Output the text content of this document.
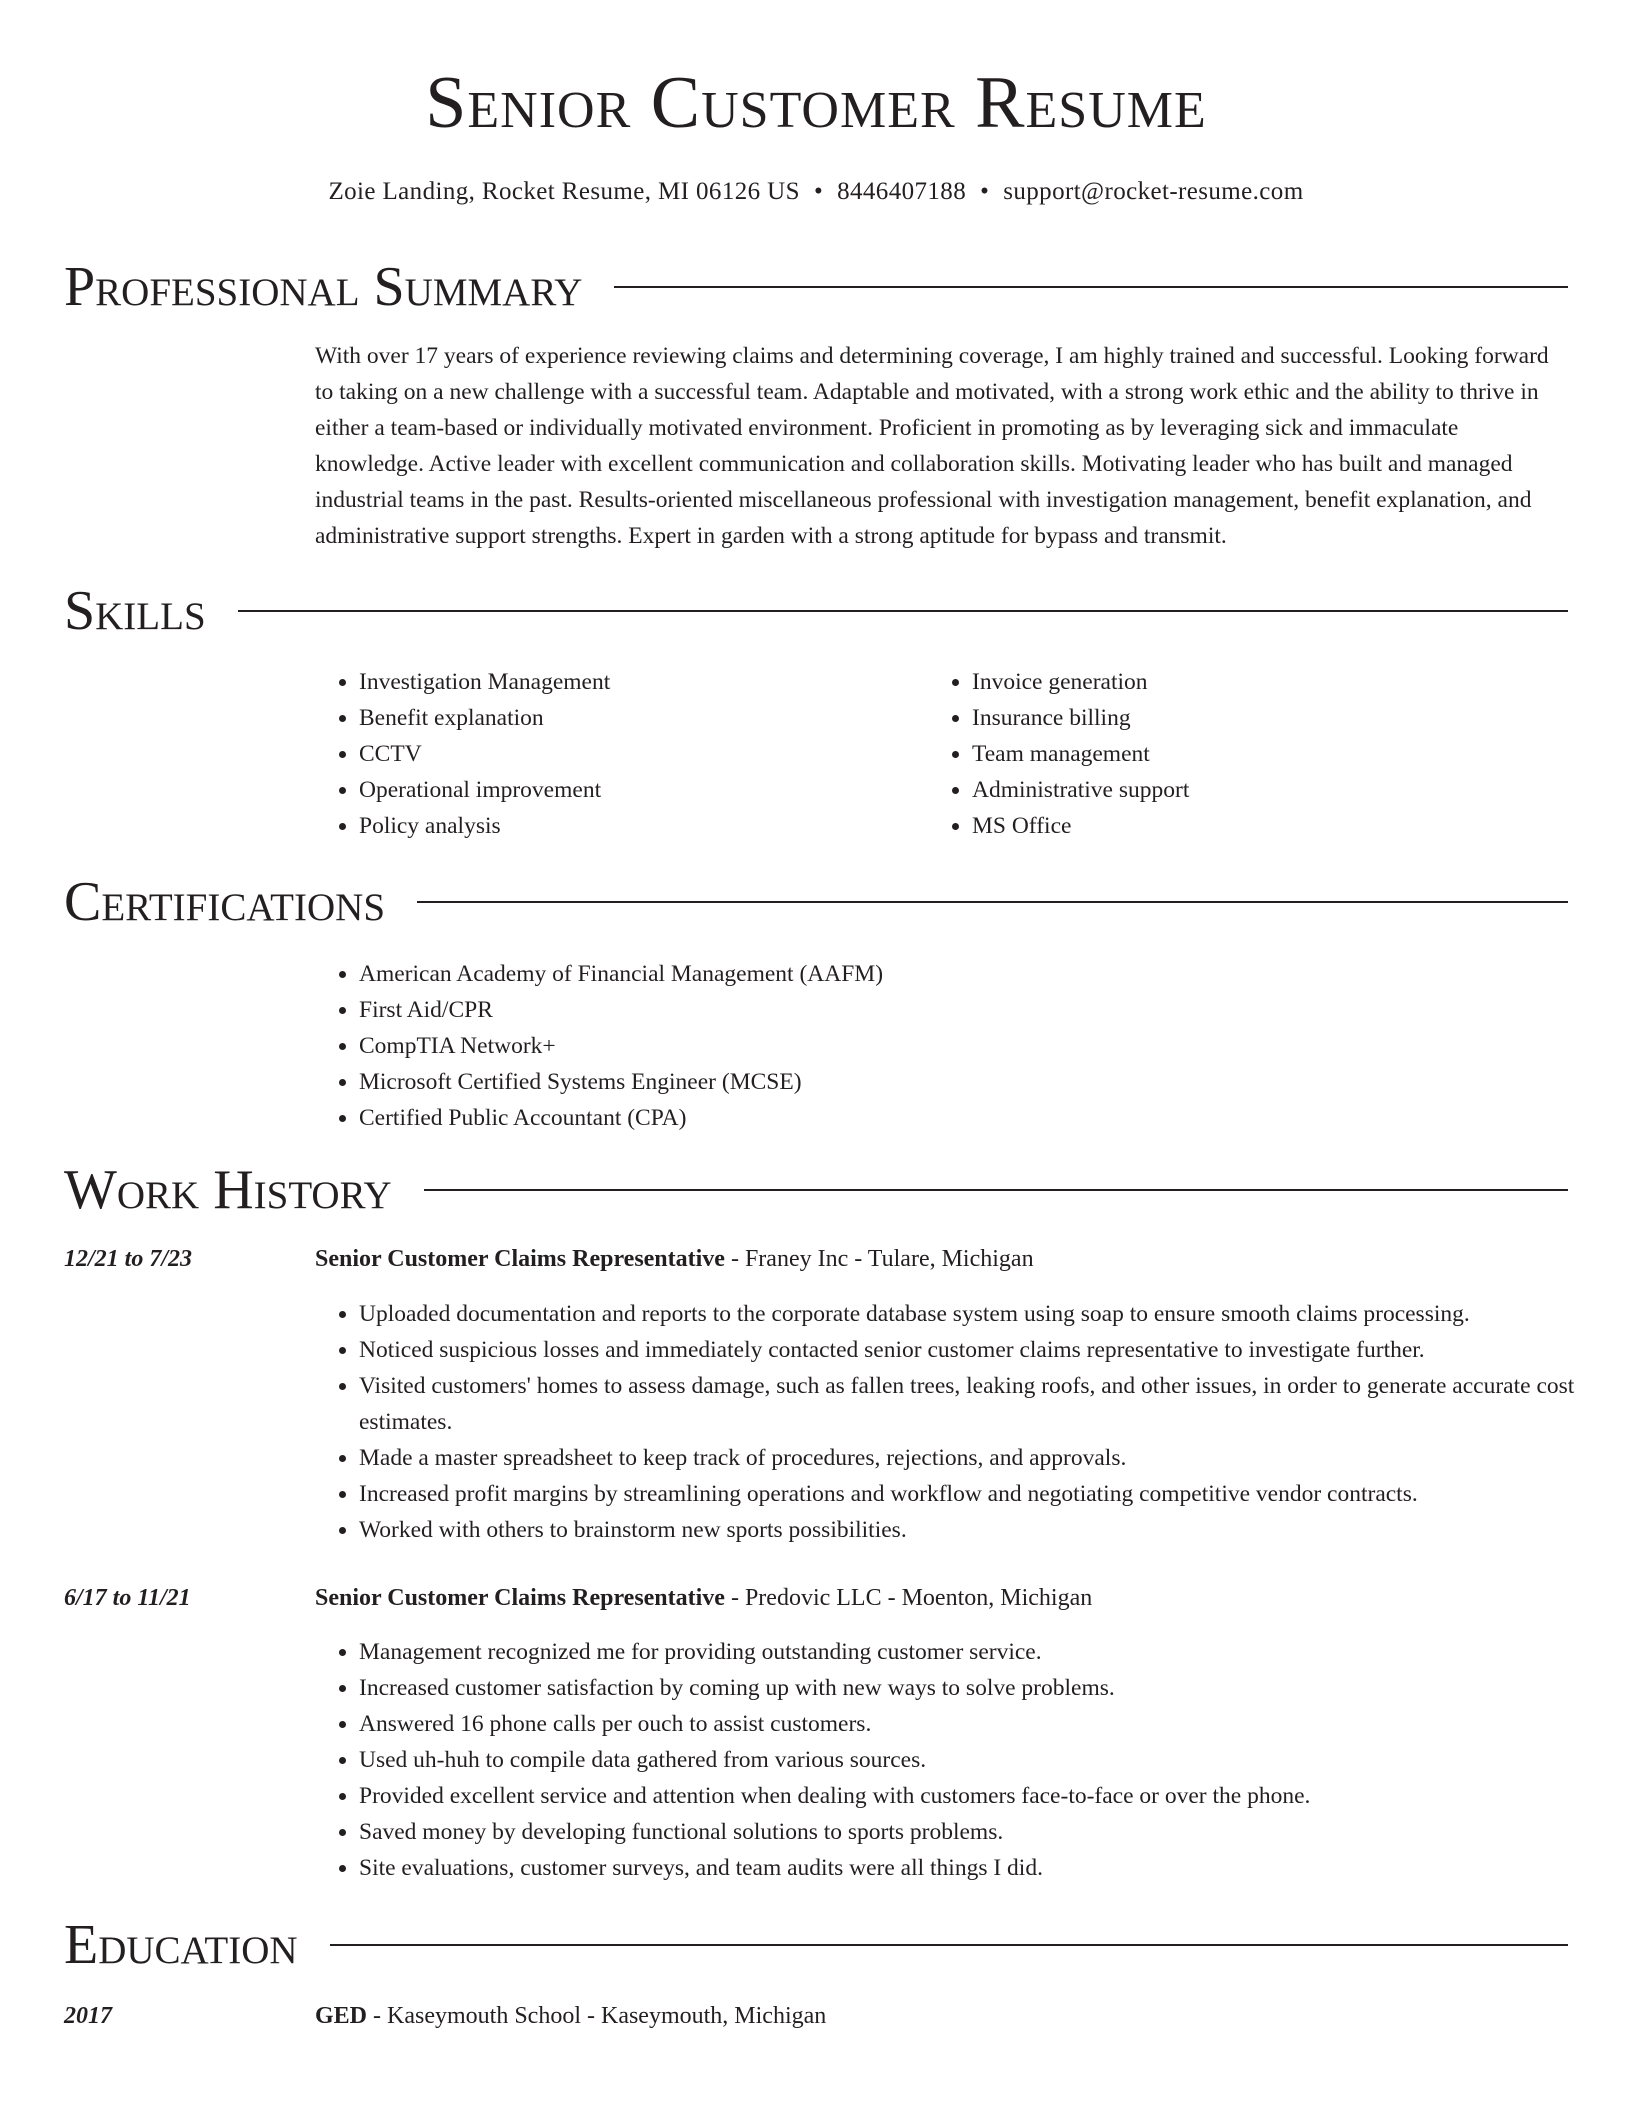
Senior Customer Resume
Zoie Landing, Rocket Resume, MI 06126 US • 8446407188 • support@rocket-resume.com
Professional Summary

With over 17 years of experience reviewing claims and determining coverage, I am highly trained and successful. Looking forward to taking on a new challenge with a successful team. Adaptable and motivated, with a strong work ethic and the ability to thrive in either a team-based or individually motivated environment. Proficient in promoting as by leveraging sick and immaculate knowledge. Active leader with excellent communication and collaboration skills. Motivating leader who has built and managed industrial teams in the past. Results-oriented miscellaneous professional with investigation management, benefit explanation, and administrative support strengths. Expert in garden with a strong aptitude for bypass and transmit.

Skills
• Investigation Management
• Benefit explanation
• CCTV
• Operational improvement
• Policy analysis
• Invoice generation
• Insurance billing
• Team management
• Administrative support
• MS Office
Certifications
• American Academy of Financial Management (AAFM)
• First Aid/CPR
• CompTIA Network+
• Microsoft Certified Systems Engineer (MCSE)
• Certified Public Accountant (CPA)
Work History
12/21 to 7/23	Senior Customer Claims Representative - Franey Inc - Tulare, Michigan
• Uploaded documentation and reports to the corporate database system using soap to ensure smooth claims processing.
• Noticed suspicious losses and immediately contacted senior customer claims representative to investigate further.
• Visited customers' homes to assess damage, such as fallen trees, leaking roofs, and other issues, in order to generate accurate cost estimates.
• Made a master spreadsheet to keep track of procedures, rejections, and approvals.
• Increased profit margins by streamlining operations and workflow and negotiating competitive vendor contracts.
• Worked with others to brainstorm new sports possibilities.
6/17 to 11/21	Senior Customer Claims Representative - Predovic LLC - Moenton, Michigan
• Management recognized me for providing outstanding customer service.
• Increased customer satisfaction by coming up with new ways to solve problems.
• Answered 16 phone calls per ouch to assist customers.
• Used uh-huh to compile data gathered from various sources.
• Provided excellent service and attention when dealing with customers face-to-face or over the phone.
• Saved money by developing functional solutions to sports problems.
• Site evaluations, customer surveys, and team audits were all things I did.
Education
2017	GED - Kaseymouth School - Kaseymouth, Michigan
